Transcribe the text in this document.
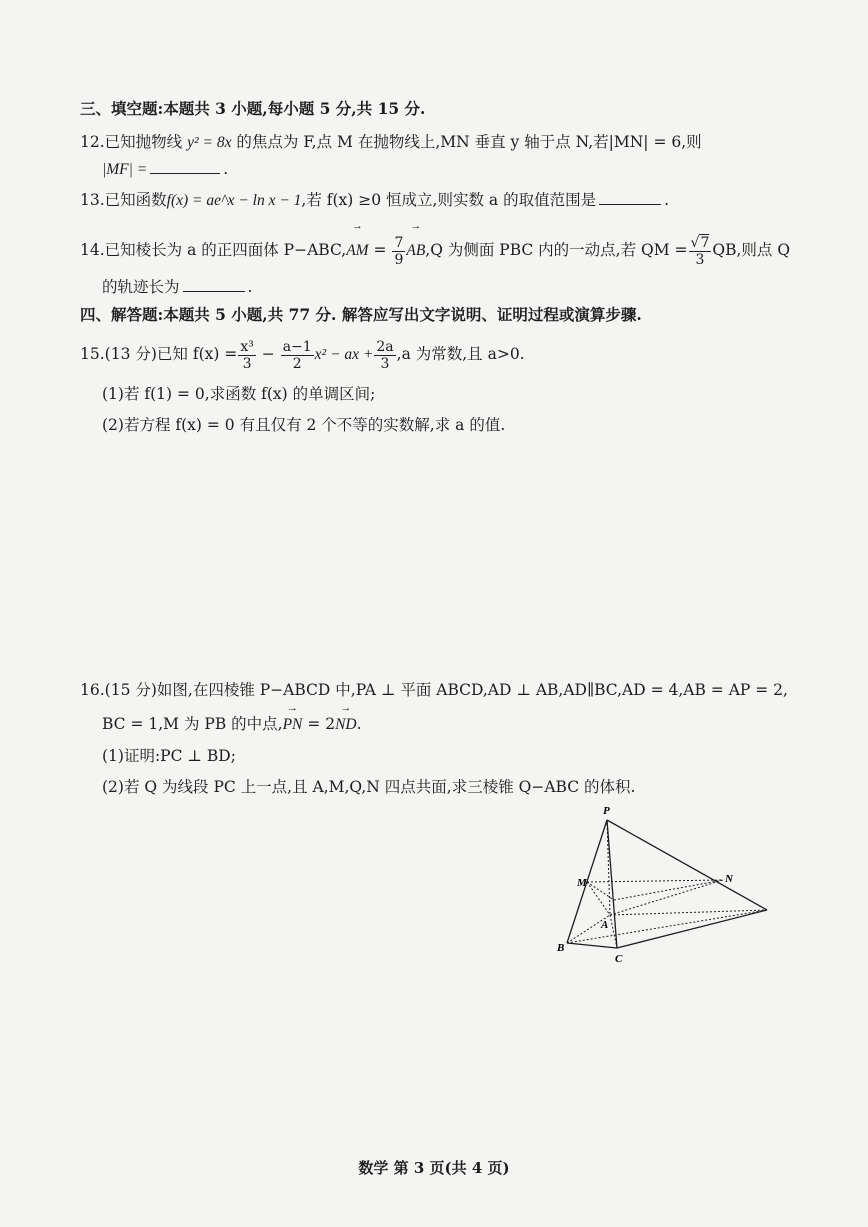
三、填空题:本题共 3 小题,每小题 5 分,共 15 分.
12.已知抛物线 y² = 8x 的焦点为 F,点 M 在抛物线上,MN 垂直 y 轴于点 N,若|MN| = 6,则
|MF| =	.
13.已知函数f(x) = ae^x − ln x − 1,若 f(x) ≥0 恒成立,则实数 a 的取值范围是	.
14.已知棱长为 a 的正四面体 P−ABC,→ AM = $\frac{7}{9}$
→ AB,Q 为侧面 PBC 内的一动点,若 QM = $\frac{√7}{3}$ QB,则点 Q
的轨迹长为	.
四、解答题:本题共 5 小题,共 77 分. 解答应写出文字说明、证明过程或演算步骤.
15.(13 分)已知 $f(x) = \frac{\text{x³}}{3} - \frac{a-1}{2} x^2$ − ax + $\frac{2a}{3} ,a$ 为常数,且 a>0.
(1)若 f(1) = 0,求函数 f(x) 的单调区间;
(2)若方程 f(x) = 0 有且仅有 2 个不等的实数解,求 a 的值.
16.(15 分)如图,在四棱锥 P−ABCD 中,PA ⊥ 平面 ABCD,AD ⊥ AB,AD∥BC,AD = 4,AB = AP = 2,
BC = 1,M 为 PB 的中点,→ PN = 2→ ND.
(1)证明:PC ⊥ BD;
(2)若 Q 为线段 PC 上一点,且 A,M,Q,N 四点共面,求三棱锥 Q−ABC 的体积.
P
M	N
A
B
C
数学 第 3 页(共 4 页)
